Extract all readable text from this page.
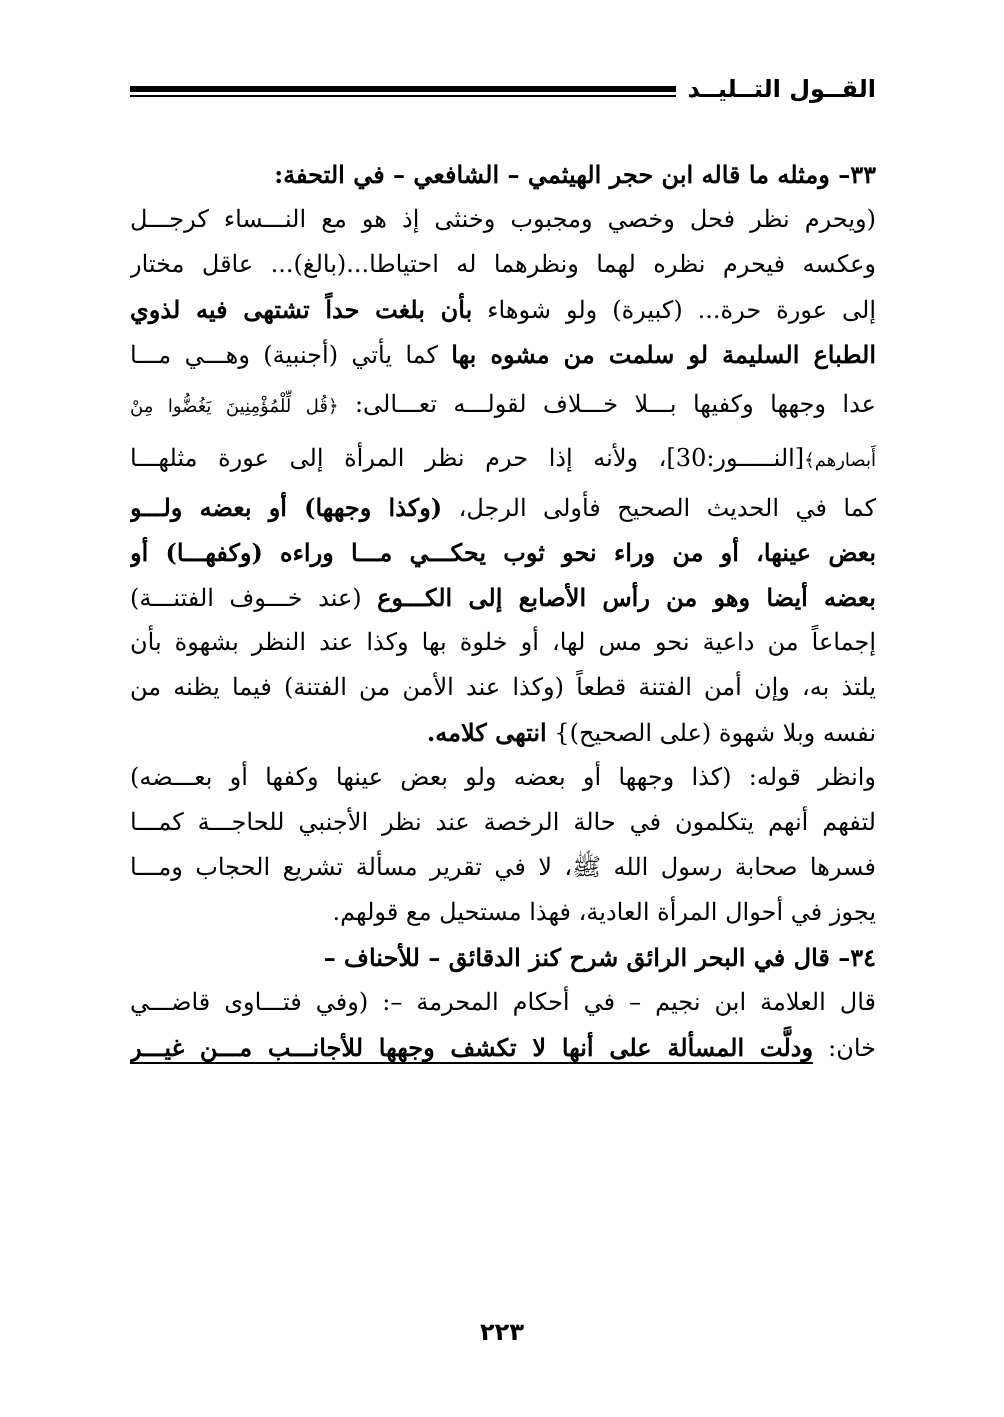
القــول التــليــد
٣٣– ومثله ما قاله ابن حجر الهيثمي – الشافعي – في التحفة:
(ويحرم نظر فحل وخصي ومجبوب وخنثى إذ هو مع النـــساء كرجـــل
وعكسه فيحرم نظره لهما ونظرهما له احتياطا...(بالغ)... عاقل مختار
إلى عورة حرة... (كبيرة) ولو شوهاء بأن بلغت حداً تشتهى فيه لذوي
الطباع السليمة لو سلمت من مشوه بها كما يأتي (أجنبية) وهـــي مـــا
عدا وجهها وكفيها بـــلا خـــلاف لقولـــه تعـــالى: ﴿قُل لِّلْمُؤْمِنِينَ يَغُضُّوا مِنْ
أَبصارهم﴾[النـــــور:30]، ولأنه إذا حرم نظر المرأة إلى عورة مثلهـــا
كما في الحديث الصحيح فأولى الرجل، (وكذا وجهها) أو بعضه ولـــو
بعض عينها، أو من وراء نحو ثوب يحكـــي مـــا وراءه (وكفهـــا) أو
بعضه أيضا وهو من رأس الأصابع إلى الكـــوع (عند خـــوف الفتنـــة)
إجماعاً من داعية نحو مس لها، أو خلوة بها وكذا عند النظر بشهوة بأن
يلتذ به، وإن أمن الفتنة قطعاً (وكذا عند الأمن من الفتنة) فيما يظنه من
نفسه وبلا شهوة (على الصحيح)} انتهى كلامه.
وانظر قوله: (كذا وجهها أو بعضه ولو بعض عينها وكفها أو بعـــضه)
لتفهم أنهم يتكلمون في حالة الرخصة عند نظر الأجنبي للحاجـــة كمـــا
فسرها صحابة رسول الله ﷺ، لا في تقرير مسألة تشريع الحجاب ومـــا
يجوز في أحوال المرأة العادية، فهذا مستحيل مع قولهم.
٣٤– قال في البحر الرائق شرح كنز الدقائق – للأحناف –
قال العلامة ابن نجيم – في أحكام المحرمة –: (وفي فتـــاوى قاضـــي
خان: ودلَّت المسألة على أنها لا تكشف وجهها للأجانـــب مـــن غيـــر
٢٢٣
